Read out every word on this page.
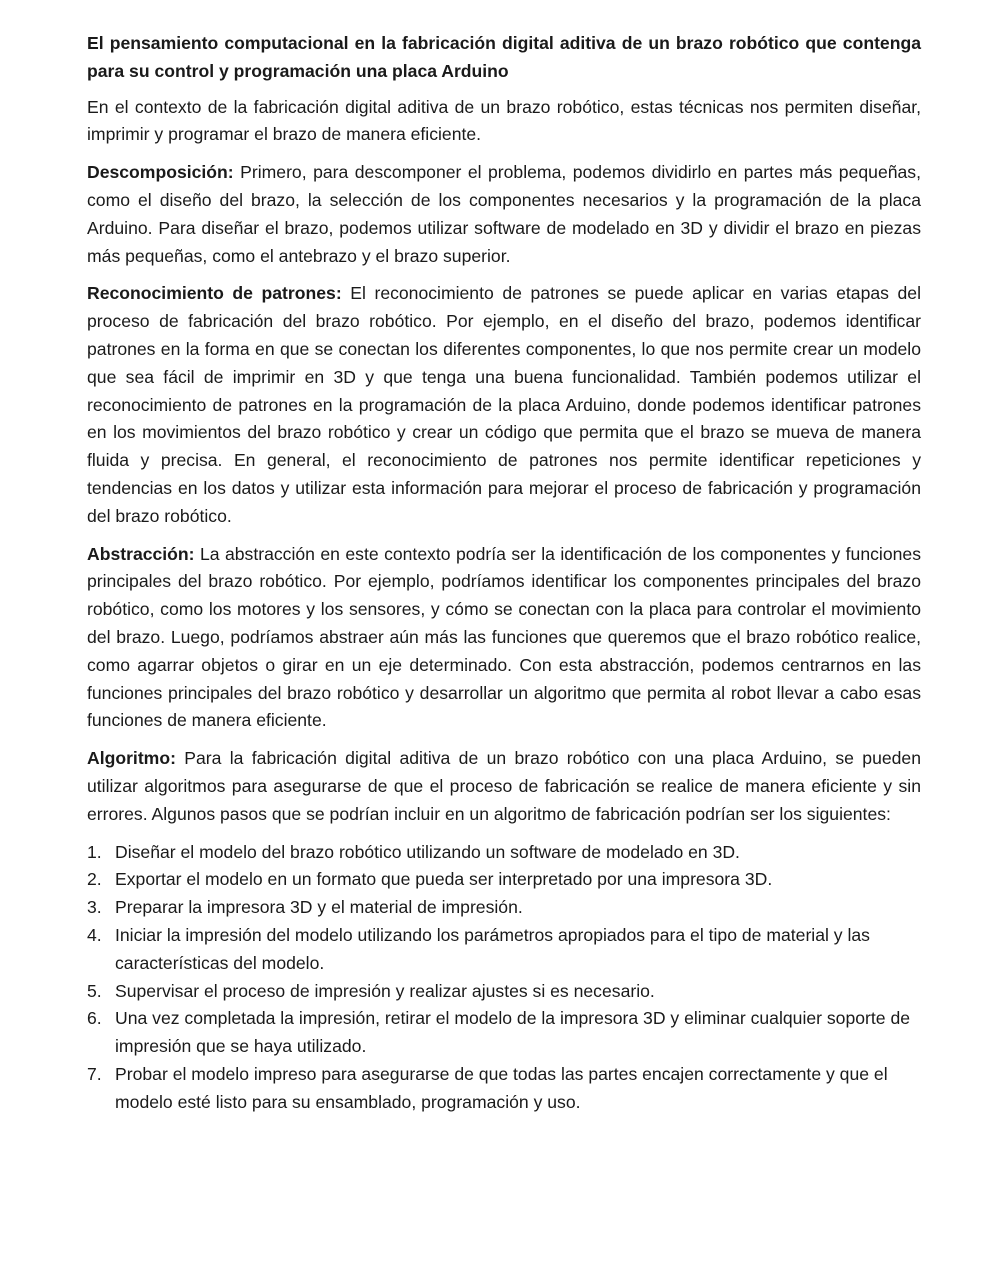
El pensamiento computacional en la fabricación digital aditiva de un brazo robótico que contenga para su control y programación una placa Arduino

En el contexto de la fabricación digital aditiva de un brazo robótico, estas técnicas nos permiten diseñar, imprimir y programar el brazo de manera eficiente.

Descomposición: Primero, para descomponer el problema, podemos dividirlo en partes más pequeñas, como el diseño del brazo, la selección de los componentes necesarios y la programación de la placa Arduino. Para diseñar el brazo, podemos utilizar software de modelado en 3D y dividir el brazo en piezas más pequeñas, como el antebrazo y el brazo superior.

Reconocimiento de patrones: El reconocimiento de patrones se puede aplicar en varias etapas del proceso de fabricación del brazo robótico. Por ejemplo, en el diseño del brazo, podemos identificar patrones en la forma en que se conectan los diferentes componentes, lo que nos permite crear un modelo que sea fácil de imprimir en 3D y que tenga una buena funcionalidad. También podemos utilizar el reconocimiento de patrones en la programación de la placa Arduino, donde podemos identificar patrones en los movimientos del brazo robótico y crear un código que permita que el brazo se mueva de manera fluida y precisa. En general, el reconocimiento de patrones nos permite identificar repeticiones y tendencias en los datos y utilizar esta información para mejorar el proceso de fabricación y programación del brazo robótico.

Abstracción: La abstracción en este contexto podría ser la identificación de los componentes y funciones principales del brazo robótico. Por ejemplo, podríamos identificar los componentes principales del brazo robótico, como los motores y los sensores, y cómo se conectan con la placa para controlar el movimiento del brazo. Luego, podríamos abstraer aún más las funciones que queremos que el brazo robótico realice, como agarrar objetos o girar en un eje determinado. Con esta abstracción, podemos centrarnos en las funciones principales del brazo robótico y desarrollar un algoritmo que permita al robot llevar a cabo esas funciones de manera eficiente.

Algoritmo: Para la fabricación digital aditiva de un brazo robótico con una placa Arduino, se pueden utilizar algoritmos para asegurarse de que el proceso de fabricación se realice de manera eficiente y sin errores. Algunos pasos que se podrían incluir en un algoritmo de fabricación podrían ser los siguientes:

1. Diseñar el modelo del brazo robótico utilizando un software de modelado en 3D.
2. Exportar el modelo en un formato que pueda ser interpretado por una impresora 3D.
3. Preparar la impresora 3D y el material de impresión.
4. Iniciar la impresión del modelo utilizando los parámetros apropiados para el tipo de material y las características del modelo.
5. Supervisar el proceso de impresión y realizar ajustes si es necesario.
6. Una vez completada la impresión, retirar el modelo de la impresora 3D y eliminar cualquier soporte de impresión que se haya utilizado.
7. Probar el modelo impreso para asegurarse de que todas las partes encajen correctamente y que el modelo esté listo para su ensamblado, programación y uso.
